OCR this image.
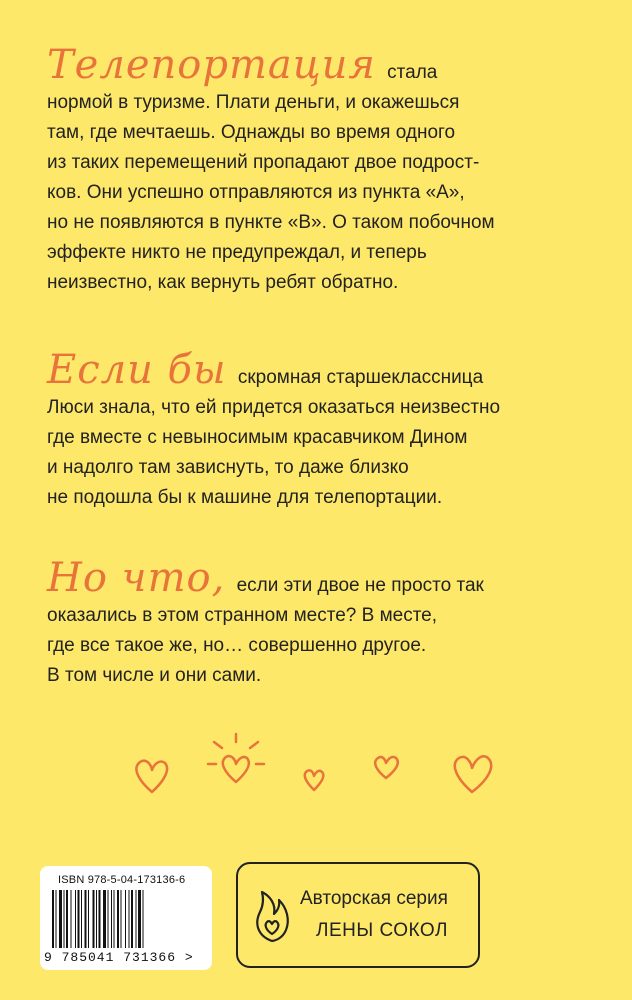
Телепортация стала
нормой в туризме. Плати деньги, и окажешься
там, где мечтаешь. Однажды во время одного
из таких перемещений пропадают двое подрост-
ков. Они успешно отправляются из пункта «А»,
но не появляются в пункте «В». О таком побочном
эффекте никто не предупреждал, и теперь
неизвестно, как вернуть ребят обратно.
Если бы скромная старшеклассница
Люси знала, что ей придется оказаться неизвестно
где вместе с невыносимым красавчиком Дином
и надолго там зависнуть, то даже близко
не подошла бы к машине для телепортации.
Но что, если эти двое не просто так
оказались в этом странном месте? В месте,
где все такое же, но… совершенно другое.
В том числе и они сами.
ISBN 978-5-04-173136-6
9 785041 731366 >
Авторская серия
ЛЕНЫ СОКОЛ
